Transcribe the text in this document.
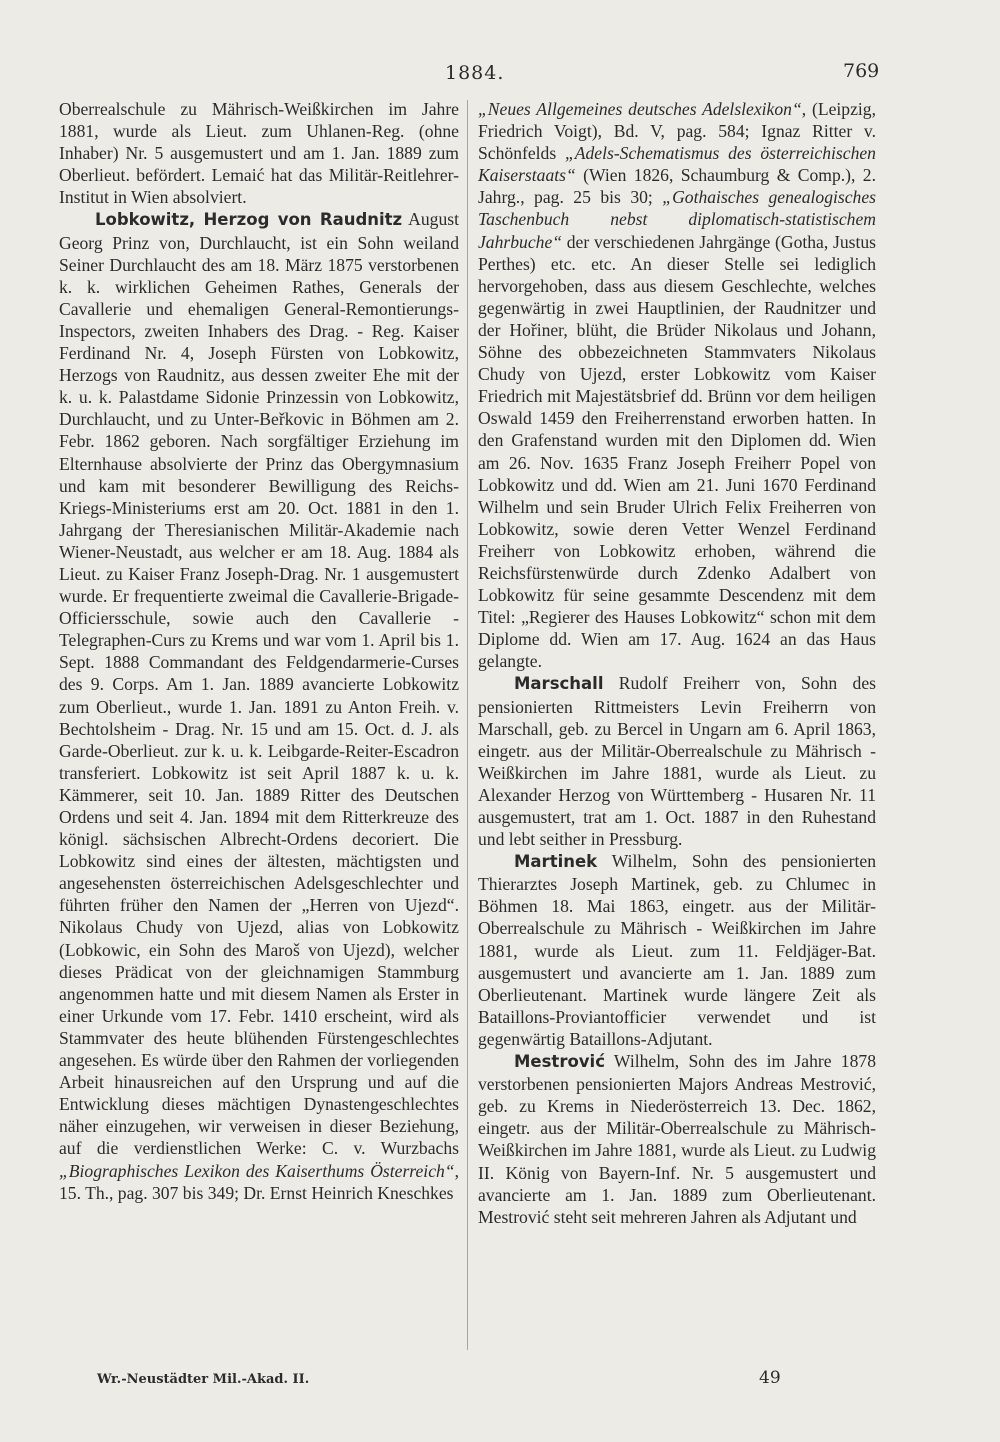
1884.	769

Oberrealschule zu Mährisch-Weißkirchen im Jahre 1881, wurde als Lieut. zum Uhlanen-Reg. (ohne Inhaber) Nr. 5 ausgemustert und am 1. Jan. 1889 zum Oberlieut. befördert. Lemaić hat das Militär-Reitlehrer-Institut in Wien absolviert.

Lobkowitz, Herzog von Raudnitz August Georg Prinz von, Durchlaucht, ist ein Sohn weiland Seiner Durchlaucht des am 18. März 1875 verstorbenen k. k. wirklichen Geheimen Rathes, Generals der Cavallerie und ehemaligen General-Remontierungs-Inspectors, zweiten Inhabers des Drag. - Reg. Kaiser Ferdinand Nr. 4, Joseph Fürsten von Lobkowitz, Herzogs von Raudnitz, aus dessen zweiter Ehe mit der k. u. k. Palastdame Sidonie Prinzessin von Lobkowitz, Durchlaucht, und zu Unter-Beřkovic in Böhmen am 2. Febr. 1862 geboren. Nach sorgfältiger Erziehung im Elternhause absolvierte der Prinz das Obergymnasium und kam mit besonderer Bewilligung des Reichs-Kriegs-Ministeriums erst am 20. Oct. 1881 in den 1. Jahrgang der Theresianischen Militär-Akademie nach Wiener-Neustadt, aus welcher er am 18. Aug. 1884 als Lieut. zu Kaiser Franz Joseph-Drag. Nr. 1 ausgemustert wurde. Er frequentierte zweimal die Cavallerie-Brigade-Officiersschule, sowie auch den Cavallerie - Telegraphen-Curs zu Krems und war vom 1. April bis 1. Sept. 1888 Commandant des Feldgendarmerie-Curses des 9. Corps. Am 1. Jan. 1889 avancierte Lobkowitz zum Oberlieut., wurde 1. Jan. 1891 zu Anton Freih. v. Bechtolsheim - Drag. Nr. 15 und am 15. Oct. d. J. als Garde-Oberlieut. zur k. u. k. Leibgarde-Reiter-Escadron transferiert. Lobkowitz ist seit April 1887 k. u. k. Kämmerer, seit 10. Jan. 1889 Ritter des Deutschen Ordens und seit 4. Jan. 1894 mit dem Ritterkreuze des königl. sächsischen Albrecht-Ordens decoriert. Die Lobkowitz sind eines der ältesten, mächtigsten und angesehensten österreichischen Adelsgeschlechter und führten früher den Namen der „Herren von Ujezd“. Nikolaus Chudy von Ujezd, alias von Lobkowitz (Lobkowic, ein Sohn des Maroš von Ujezd), welcher dieses Prädicat von der gleichnamigen Stammburg angenommen hatte und mit diesem Namen als Erster in einer Urkunde vom 17. Febr. 1410 erscheint, wird als Stammvater des heute blühenden Fürstengeschlechtes angesehen. Es würde über den Rahmen der vorliegenden Arbeit hinausreichen auf den Ursprung und auf die Entwicklung dieses mächtigen Dynastengeschlechtes näher einzugehen, wir verweisen in dieser Beziehung, auf die verdienstlichen Werke: C. v. Wurzbachs „Biographisches Lexikon des Kaiserthums Österreich“, 15. Th., pag. 307 bis 349; Dr. Ernst Heinrich Kneschkes

„Neues Allgemeines deutsches Adelslexikon“, (Leipzig, Friedrich Voigt), Bd. V, pag. 584; Ignaz Ritter v. Schönfelds „Adels-Schematismus des österreichischen Kaiserstaats“ (Wien 1826, Schaumburg & Comp.), 2. Jahrg., pag. 25 bis 30; „Gothaisches genealogisches Taschenbuch nebst diplomatisch-statistischem Jahrbuche“ der verschiedenen Jahrgänge (Gotha, Justus Perthes) etc. etc. An dieser Stelle sei lediglich hervorgehoben, dass aus diesem Geschlechte, welches gegenwärtig in zwei Hauptlinien, der Raudnitzer und der Hořiner, blüht, die Brüder Nikolaus und Johann, Söhne des obbezeichneten Stammvaters Nikolaus Chudy von Ujezd, erster Lobkowitz vom Kaiser Friedrich mit Majestätsbrief dd. Brünn vor dem heiligen Oswald 1459 den Freiherrenstand erworben hatten. In den Grafenstand wurden mit den Diplomen dd. Wien am 26. Nov. 1635 Franz Joseph Freiherr Popel von Lobkowitz und dd. Wien am 21. Juni 1670 Ferdinand Wilhelm und sein Bruder Ulrich Felix Freiherren von Lobkowitz, sowie deren Vetter Wenzel Ferdinand Freiherr von Lobkowitz erhoben, während die Reichsfürstenwürde durch Zdenko Adalbert von Lobkowitz für seine gesammte Descendenz mit dem Titel: „Regierer des Hauses Lobkowitz“ schon mit dem Diplome dd. Wien am 17. Aug. 1624 an das Haus gelangte.

Marschall Rudolf Freiherr von, Sohn des pensionierten Rittmeisters Levin Freiherrn von Marschall, geb. zu Bercel in Ungarn am 6. April 1863, eingetr. aus der Militär-Oberrealschule zu Mährisch - Weißkirchen im Jahre 1881, wurde als Lieut. zu Alexander Herzog von Württemberg - Husaren Nr. 11 ausgemustert, trat am 1. Oct. 1887 in den Ruhestand und lebt seither in Pressburg.

Martinek Wilhelm, Sohn des pensionierten Thierarztes Joseph Martinek, geb. zu Chlumec in Böhmen 18. Mai 1863, eingetr. aus der Militär-Oberrealschule zu Mährisch - Weißkirchen im Jahre 1881, wurde als Lieut. zum 11. Feldjäger-Bat. ausgemustert und avancierte am 1. Jan. 1889 zum Oberlieutenant. Martinek wurde längere Zeit als Bataillons-Proviantofficier verwendet und ist gegenwärtig Bataillons-Adjutant.

Mestrović Wilhelm, Sohn des im Jahre 1878 verstorbenen pensionierten Majors Andreas Mestrović, geb. zu Krems in Niederösterreich 13. Dec. 1862, eingetr. aus der Militär-Oberrealschule zu Mährisch-Weißkirchen im Jahre 1881, wurde als Lieut. zu Ludwig II. König von Bayern-Inf. Nr. 5 ausgemustert und avancierte am 1. Jan. 1889 zum Oberlieutenant. Mestrović steht seit mehreren Jahren als Adjutant und

Wr.-Neustädter Mil.-Akad. II.	49
